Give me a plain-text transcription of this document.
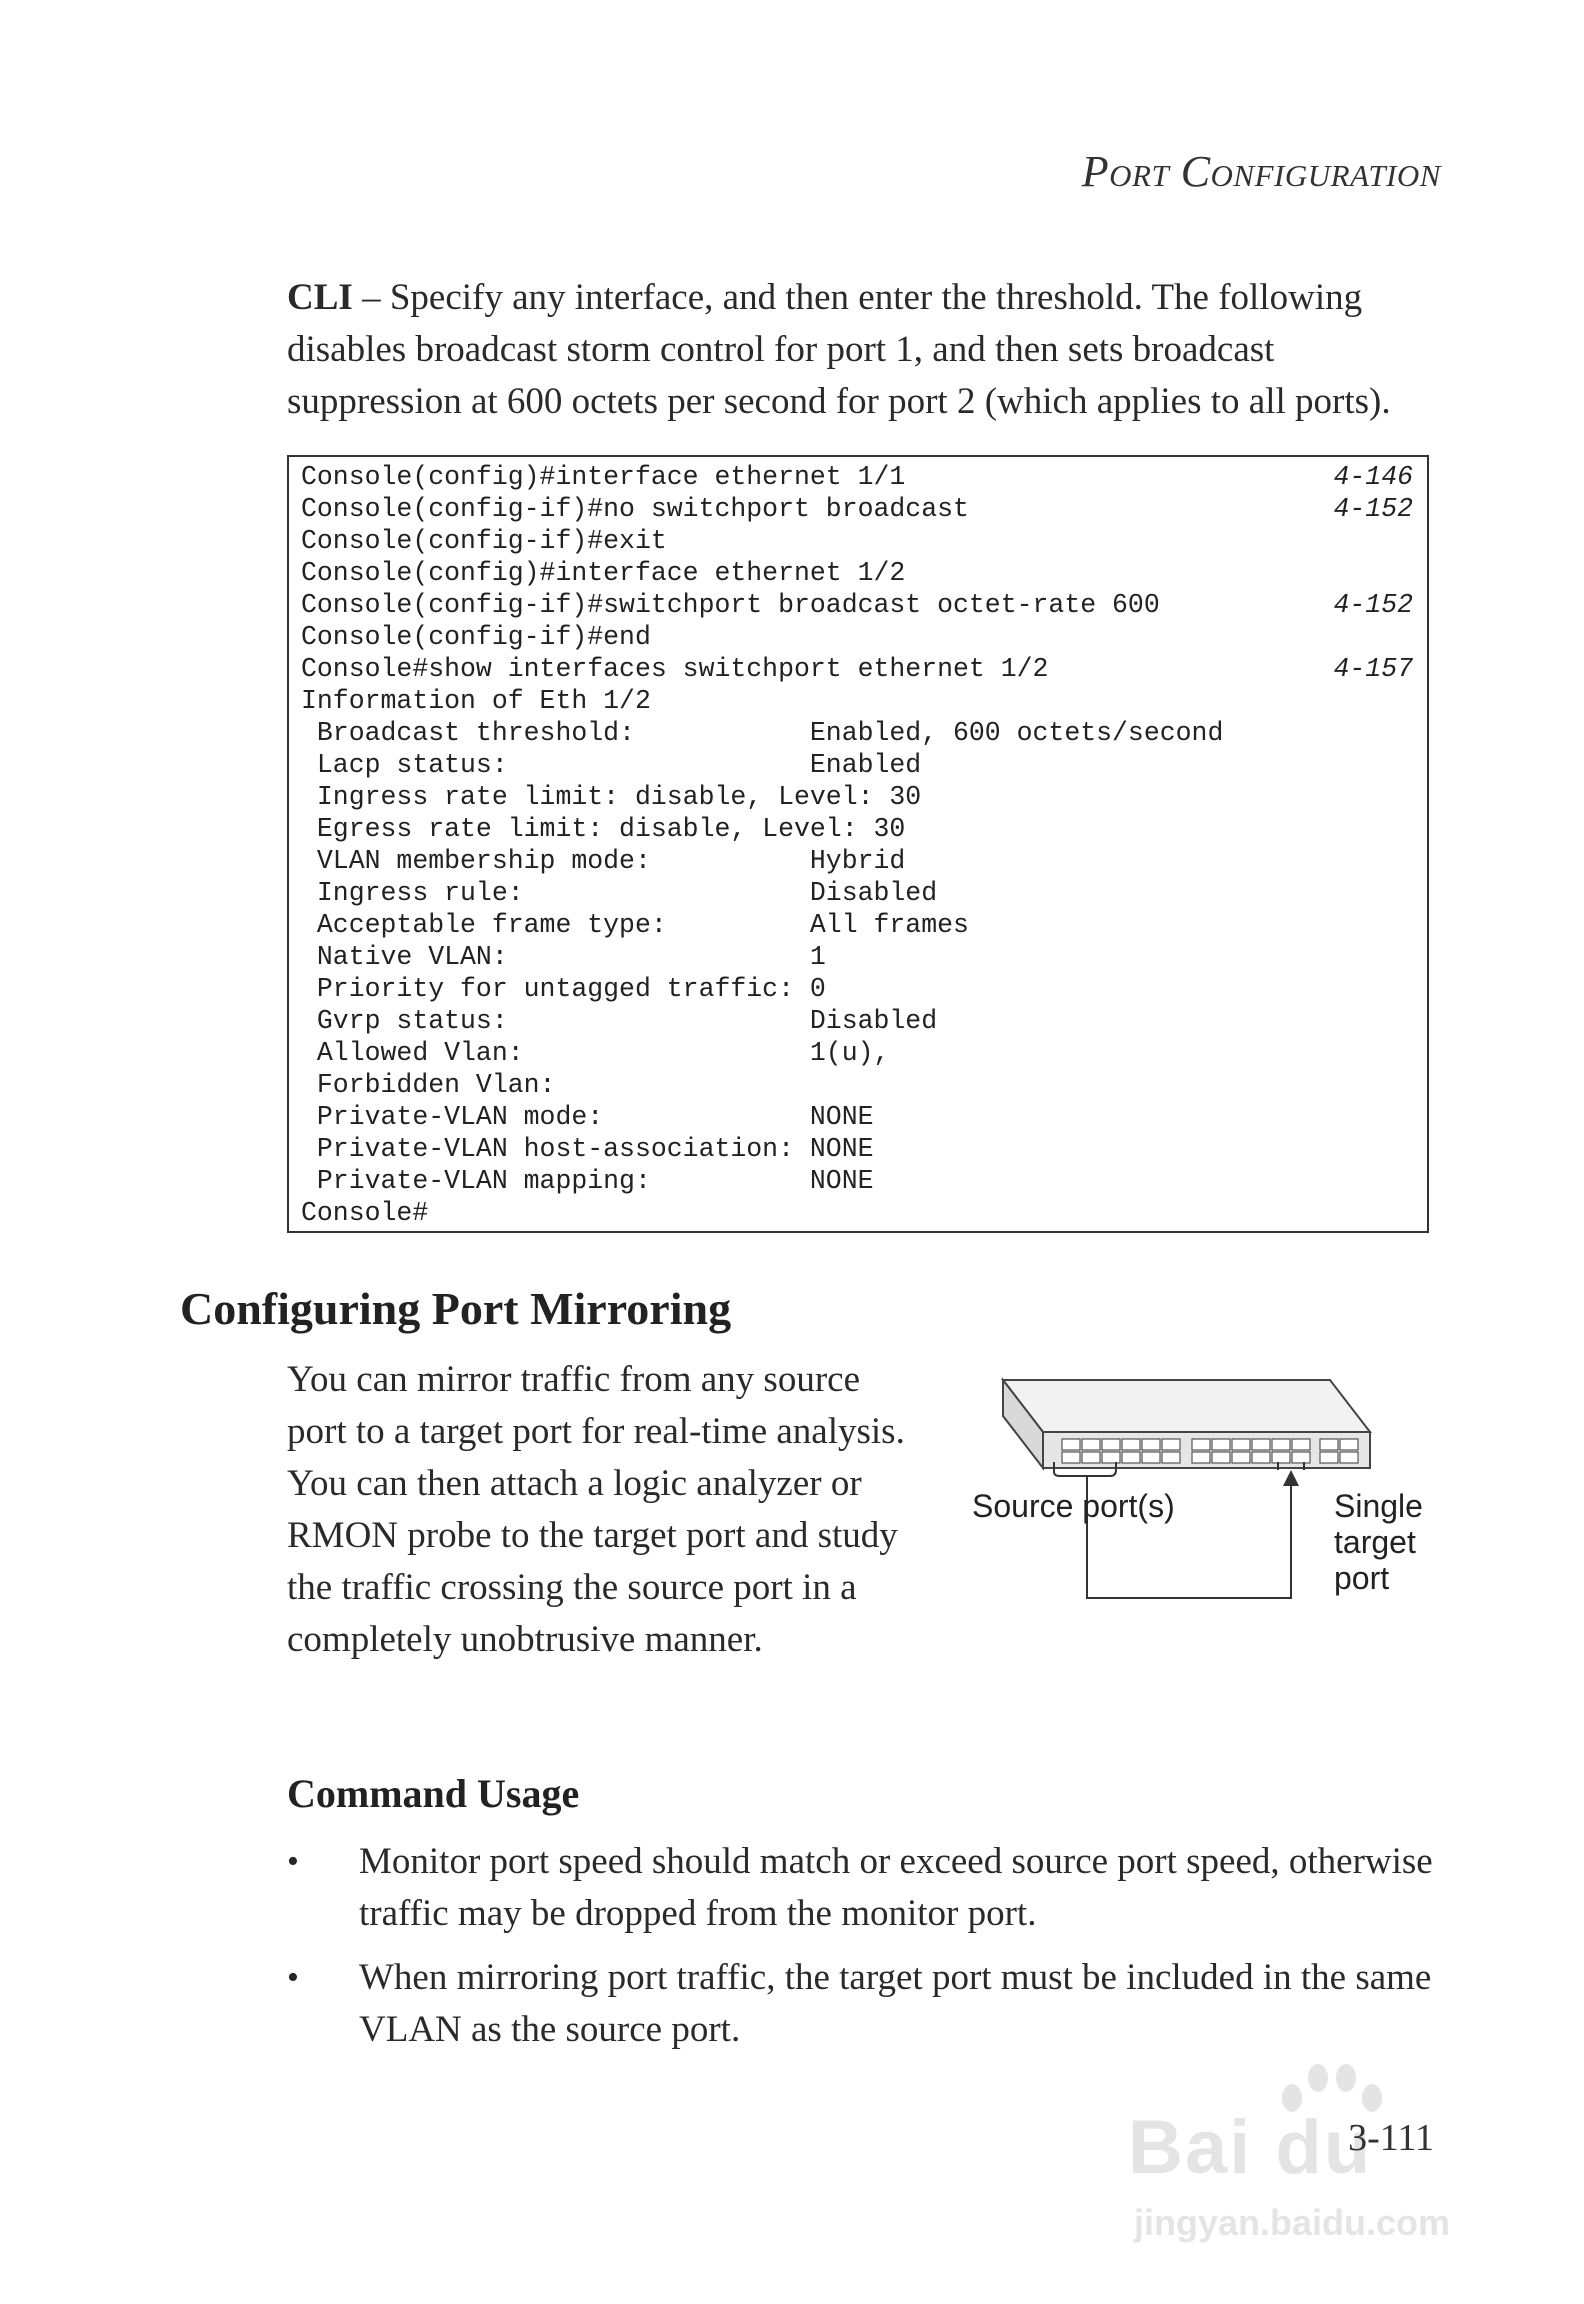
Port Configuration
CLI – Specify any interface, and then enter the threshold. The following disables broadcast storm control for port 1, and then sets broadcast suppression at 600 octets per second for port 2 (which applies to all ports).
Console(config)#interface ethernet 1/1	4-146
Console(config-if)#no switchport broadcast	4-152
Console(config-if)#exit
Console(config)#interface ethernet 1/2
Console(config-if)#switchport broadcast octet-rate 600	4-152
Console(config-if)#end
Console#show interfaces switchport ethernet 1/2	4-157
Information of Eth 1/2
Broadcast threshold:           Enabled, 600 octets/second
Lacp status:                   Enabled
Ingress rate limit: disable, Level: 30
Egress rate limit: disable, Level: 30
VLAN membership mode:          Hybrid
Ingress rule:                  Disabled
Acceptable frame type:         All frames
Native VLAN:                   1
Priority for untagged traffic: 0
Gvrp status:                   Disabled
Allowed Vlan:                  1(u),
Forbidden Vlan:
Private-VLAN mode:             NONE
Private-VLAN host-association: NONE
Private-VLAN mapping:          NONE
Console#
Configuring Port Mirroring
You can mirror traffic from any source port to a target port for real-time analysis. You can then attach a logic analyzer or RMON probe to the target port and study the traffic crossing the source port in a completely unobtrusive manner.
Source port(s)	Single target port
Command Usage
•	Monitor port speed should match or exceed source port speed, otherwise traffic may be dropped from the monitor port.
•	When mirroring port traffic, the target port must be included in the same VLAN as the source port.
Bai du
jingyan.baidu.com
3-111
